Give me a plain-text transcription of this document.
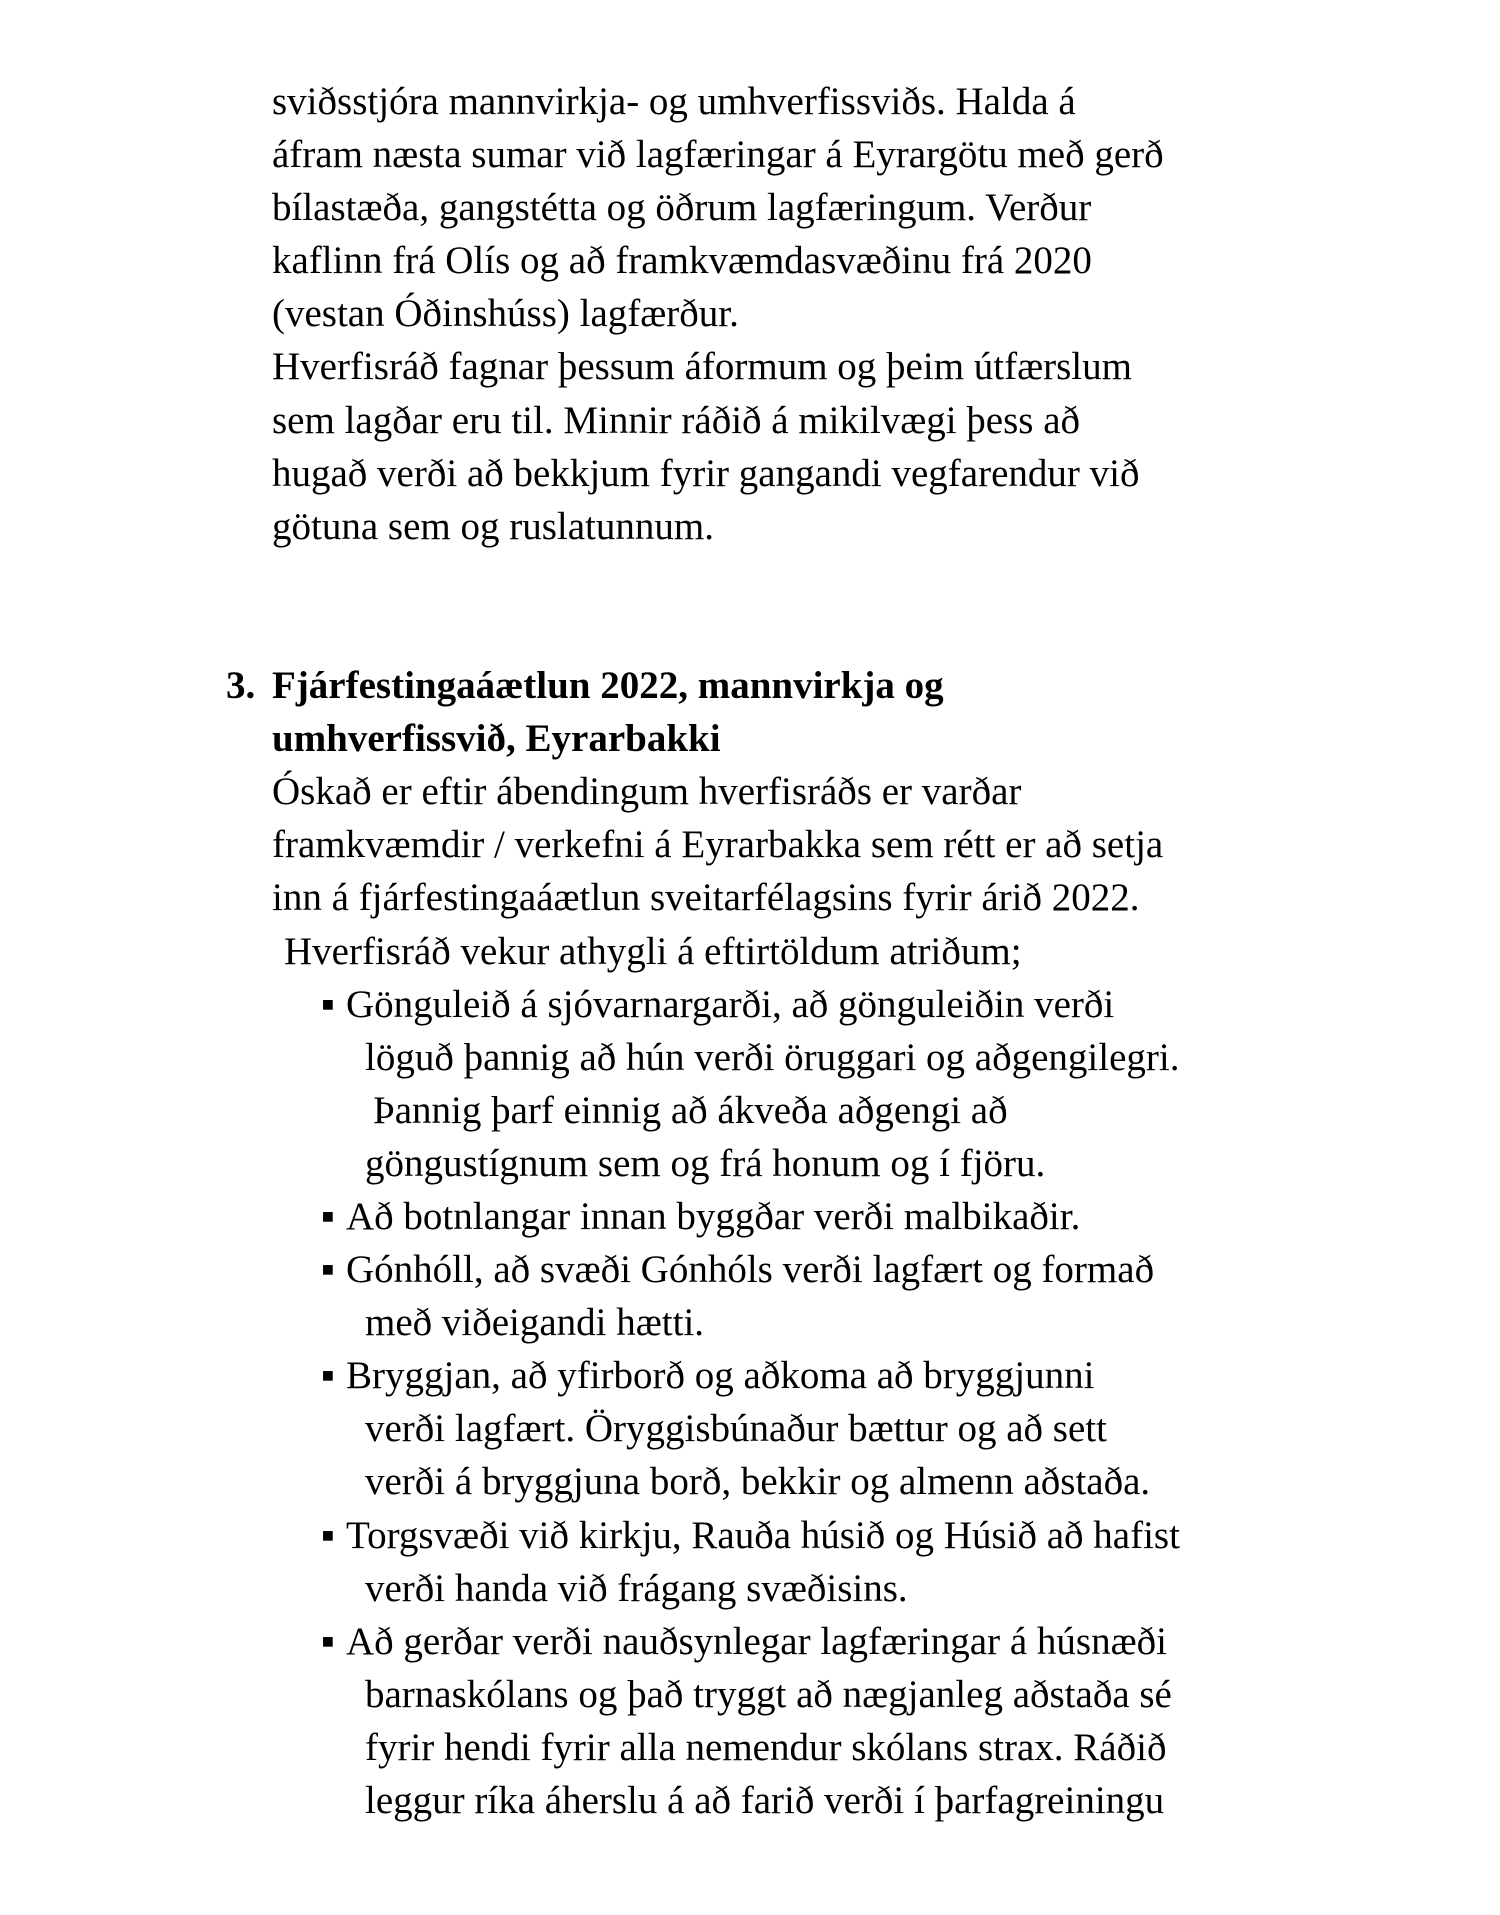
sviðsstjóra mannvirkja- og umhverfissviðs. Halda á
áfram næsta sumar við lagfæringar á Eyrargötu með gerð
bílastæða, gangstétta og öðrum lagfæringum. Verður
kaflinn frá Olís og að framkvæmdasvæðinu frá 2020
(vestan Óðinshúss) lagfærður.
Hverfisráð fagnar þessum áformum og þeim útfærslum
sem lagðar eru til. Minnir ráðið á mikilvægi þess að
hugað verði að bekkjum fyrir gangandi vegfarendur við
götuna sem og ruslatunnum.
3. Fjárfestingaáætlun 2022, mannvirkja og
umhverfissvið, Eyrarbakki
Óskað er eftir ábendingum hverfisráðs er varðar
framkvæmdir / verkefni á Eyrarbakka sem rétt er að setja
inn á fjárfestingaáætlun sveitarfélagsins fyrir árið 2022.
Hverfisráð vekur athygli á eftirtöldum atriðum;
▪ Gönguleið á sjóvarnargarði, að gönguleiðin verði
löguð þannig að hún verði öruggari og aðgengilegri.
Þannig þarf einnig að ákveða aðgengi að
göngustígnum sem og frá honum og í fjöru.
▪ Að botnlangar innan byggðar verði malbikaðir.
▪ Gónhóll, að svæði Gónhóls verði lagfært og formað
með viðeigandi hætti.
▪ Bryggjan, að yfirborð og aðkoma að bryggjunni
verði lagfært. Öryggisbúnaður bættur og að sett
verði á bryggjuna borð, bekkir og almenn aðstaða.
▪ Torgsvæði við kirkju, Rauða húsið og Húsið að hafist
verði handa við frágang svæðisins.
▪ Að gerðar verði nauðsynlegar lagfæringar á húsnæði
barnaskólans og það tryggt að nægjanleg aðstaða sé
fyrir hendi fyrir alla nemendur skólans strax. Ráðið
leggur ríka áherslu á að farið verði í þarfagreiningu
